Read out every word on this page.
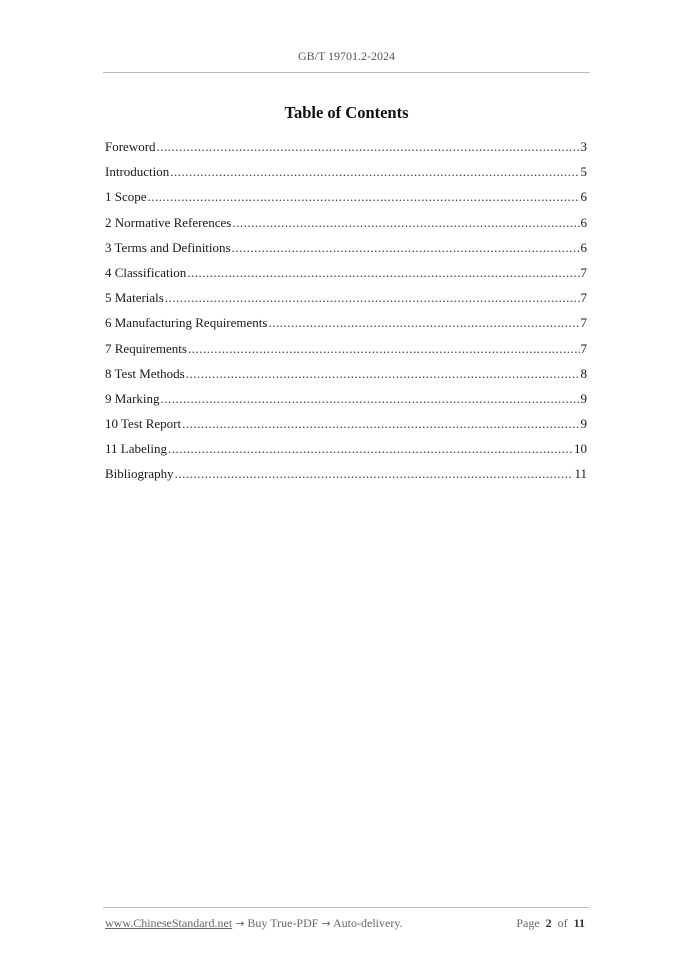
GB/T 19701.2-2024
Table of Contents
Foreword .....	3
Introduction .....	5
1 Scope .....	6
2 Normative References .....	6
3 Terms and Definitions .....	6
4 Classification .....	7
5 Materials .....	7
6 Manufacturing Requirements .....	7
7 Requirements .....	7
8 Test Methods .....	8
9 Marking .....	9
10 Test Report .....	9
11 Labeling .....	10
Bibliography .....	11
www.ChineseStandard.net → Buy True-PDF → Auto-delivery.	Page 2 of 11
